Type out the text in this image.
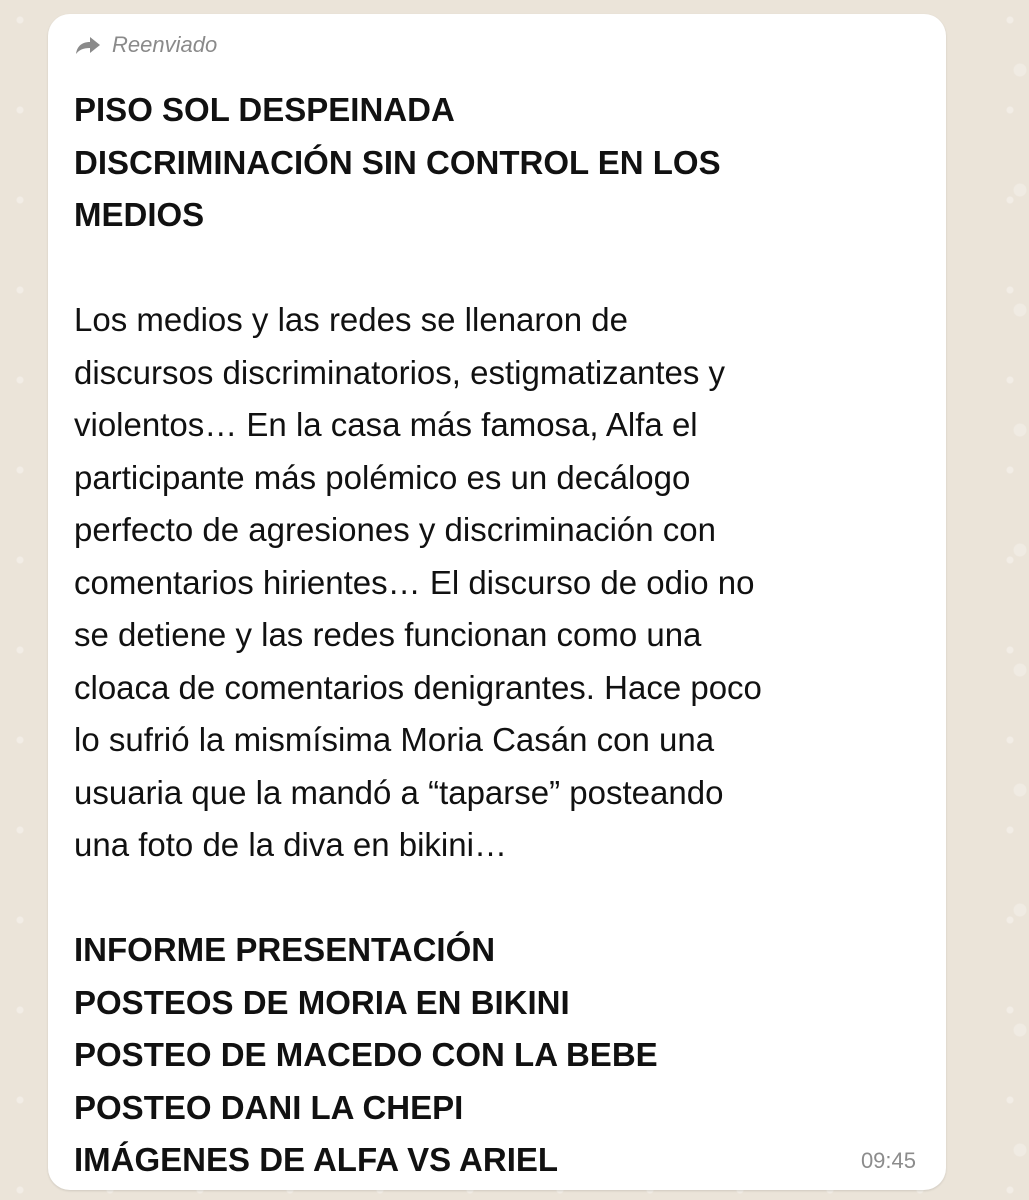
Reenviado
PISO SOL DESPEINADA
DISCRIMINACIÓN SIN CONTROL EN LOS
MEDIOS
Los medios y las redes se llenaron de
discursos discriminatorios, estigmatizantes y
violentos… En la casa más famosa, Alfa el
participante más polémico es un decálogo
perfecto de agresiones y discriminación con
comentarios hirientes… El discurso de odio no
se detiene y las redes funcionan como una
cloaca de comentarios denigrantes. Hace poco
lo sufrió la mismísima Moria Casán con una
usuaria que la mandó a “taparse” posteando
una foto de la diva en bikini…
INFORME PRESENTACIÓN
POSTEOS DE MORIA EN BIKINI
POSTEO DE MACEDO CON LA BEBE
POSTEO DANI LA CHEPI
IMÁGENES DE ALFA VS ARIEL	09:45
